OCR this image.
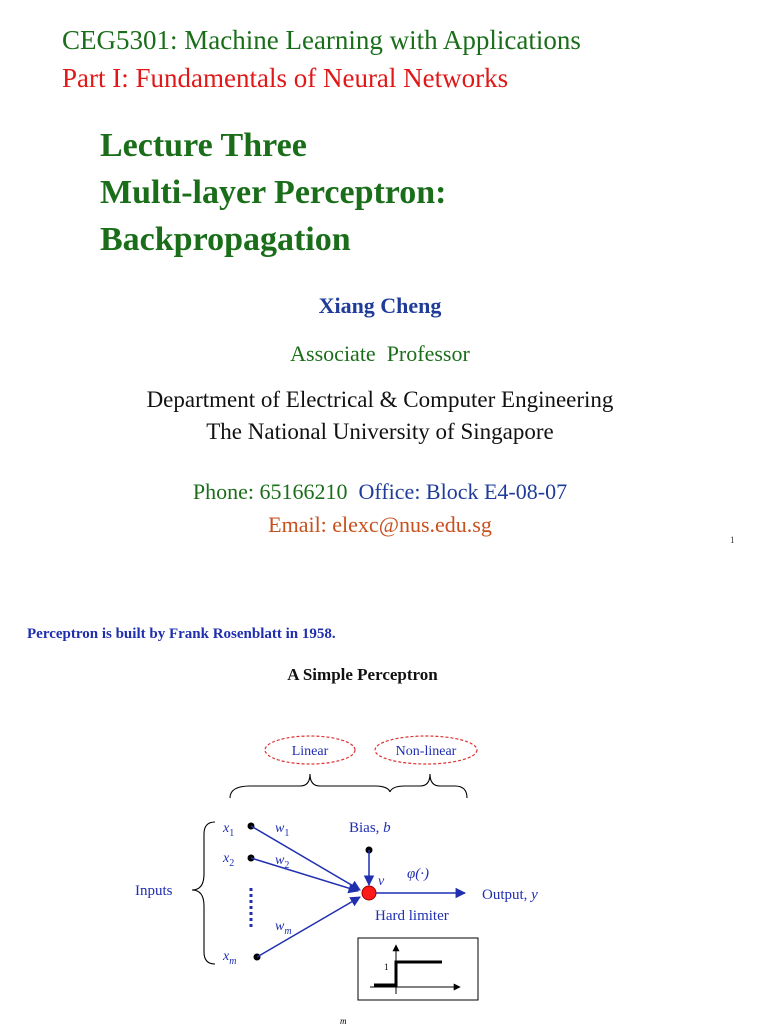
CEG5301: Machine Learning with Applications
Part I: Fundamentals of Neural Networks
Lecture Three
Multi-layer Perceptron:
Backpropagation
Xiang Cheng
Associate  Professor
Department of Electrical & Computer Engineering
The National University of Singapore
Phone: 65166210 Office: Block E4-08-07
Email: elexc@nus.edu.sg
1
Perceptron is built by Frank Rosenblatt in 1958.
A Simple Perceptron
Linear	Non-linear
Inputs
$x_1$
$x_2$
$x_m$
$w_1$
$w_2$
$w_m$
Bias, b
v φ(·)
Hard limiter
Output, y
1
m
